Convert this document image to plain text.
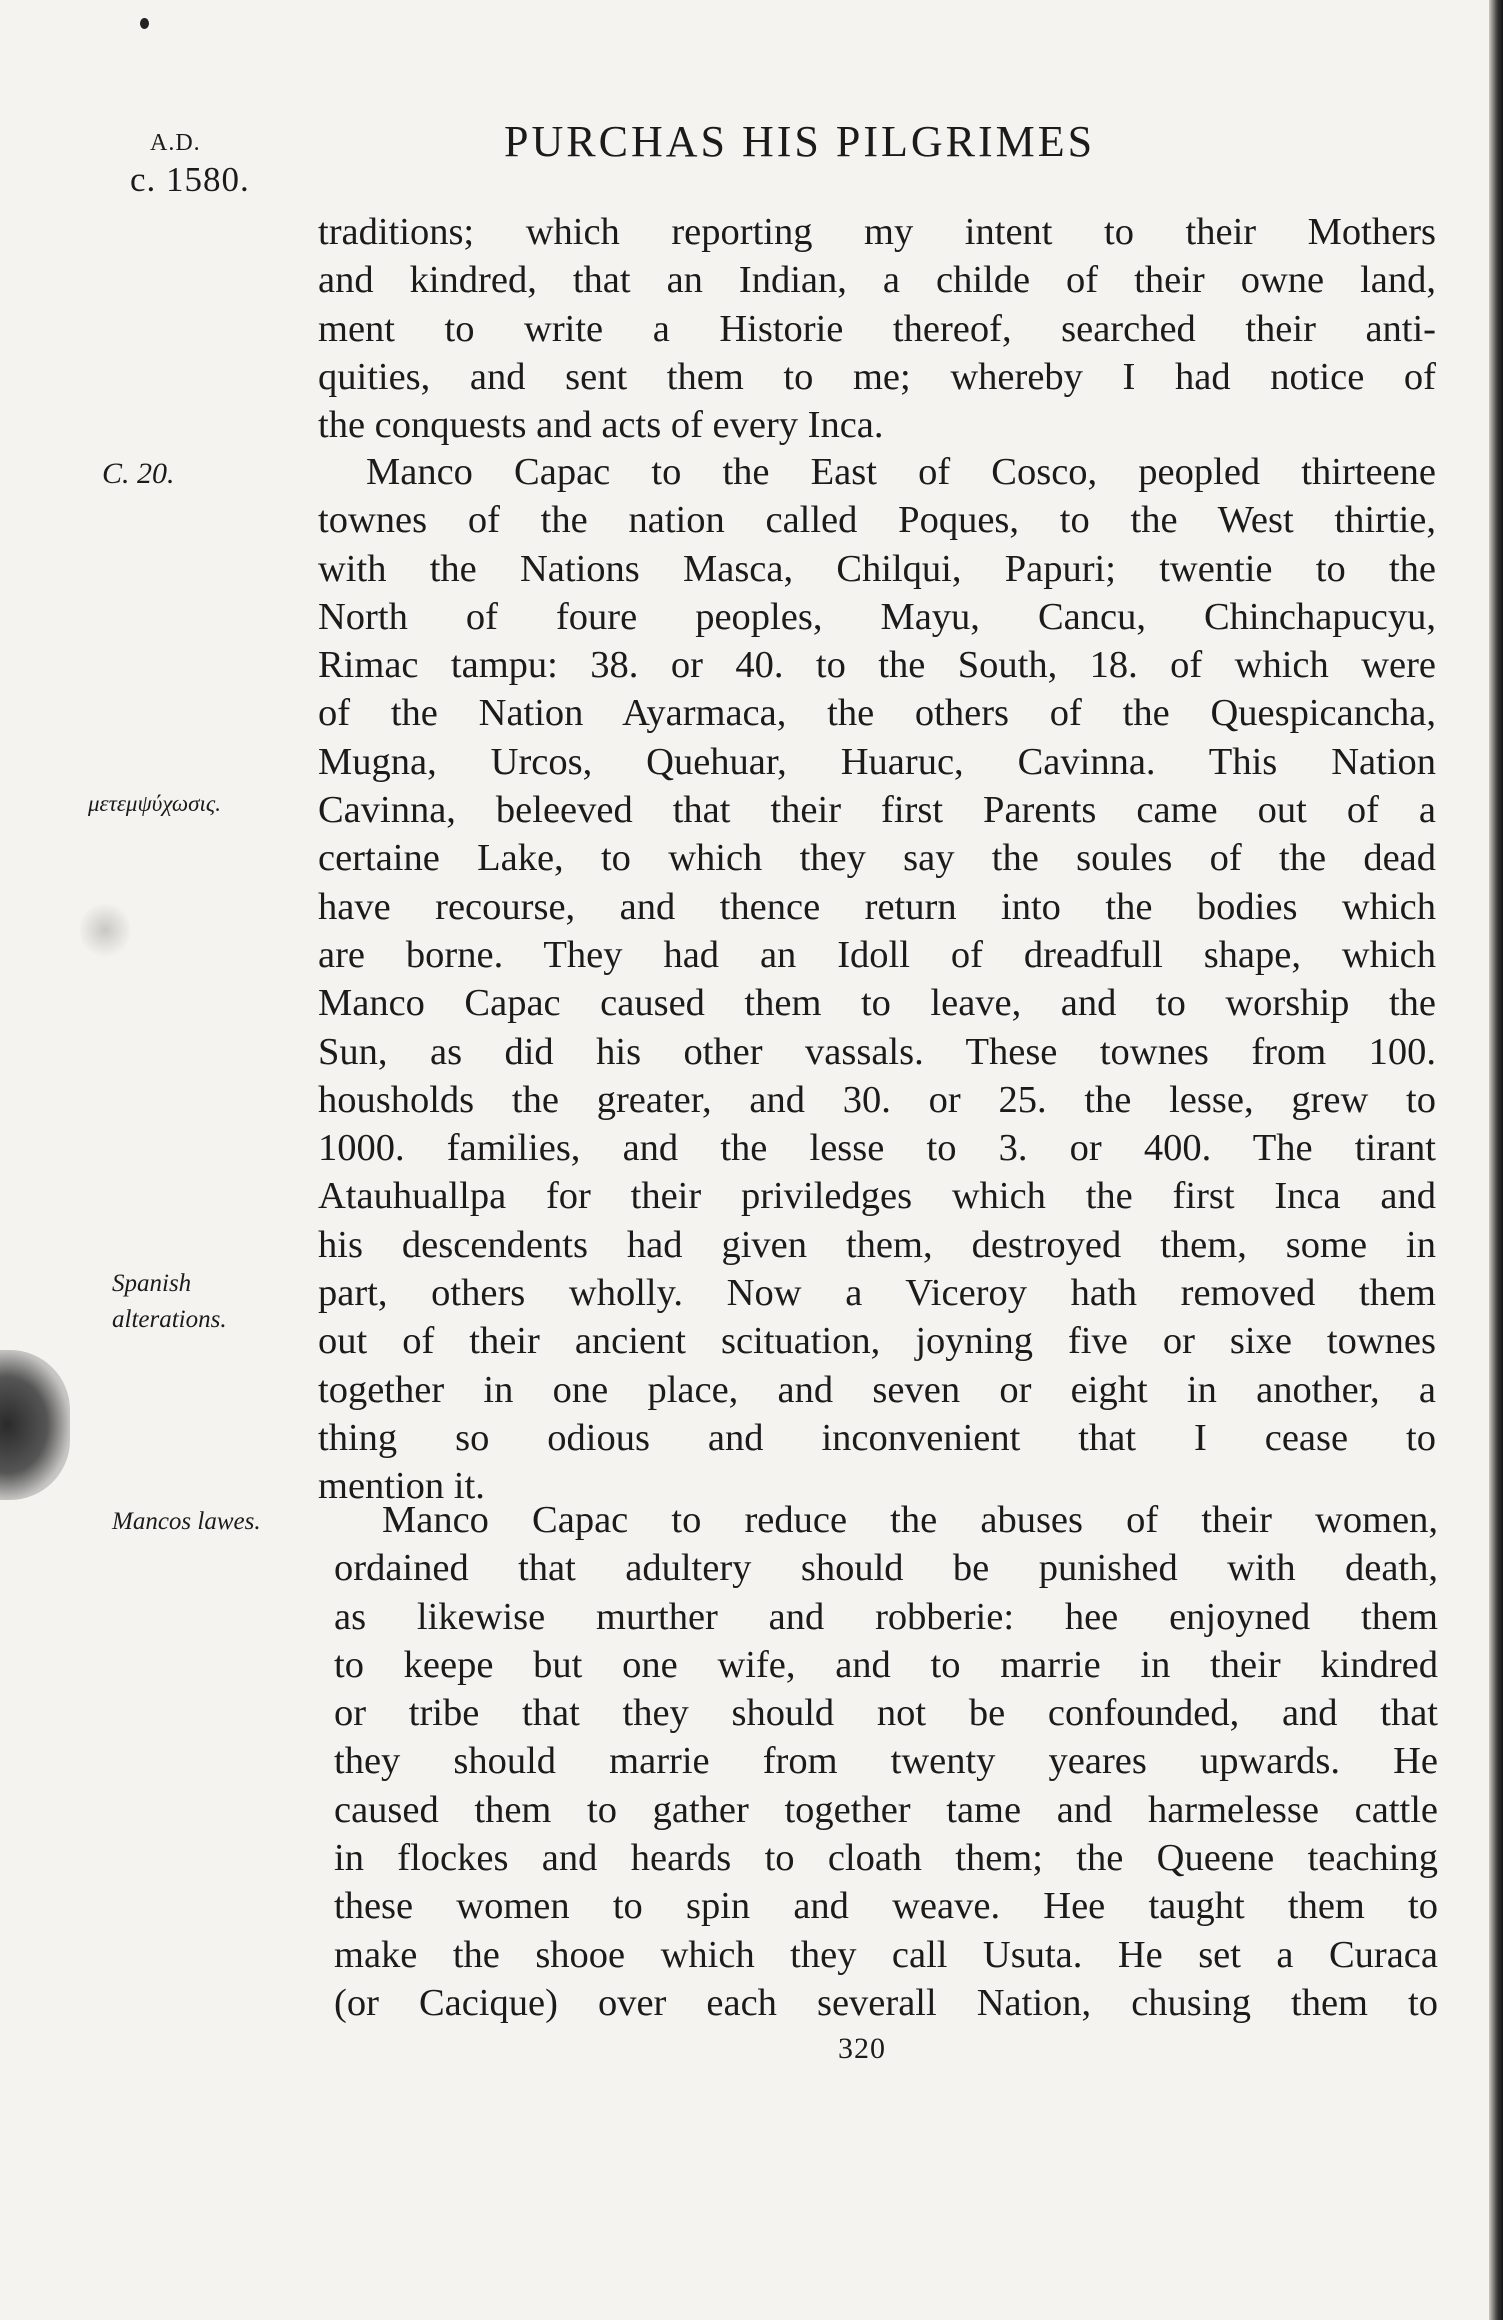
A.D.
c. 1580.
PURCHAS HIS PILGRIMES
C. 20.
μετεμψύχωσις.
Spanish
alterations.
Mancos lawes.
traditions; which reporting my intent to their Mothers
and kindred, that an Indian, a childe of their owne land,
ment to write a Historie thereof, searched their anti-
quities, and sent them to me; whereby I had notice of
the conquests and acts of every Inca.
Manco Capac to the East of Cosco, peopled thirteene
townes of the nation called Poques, to the West thirtie,
with the Nations Masca, Chilqui, Papuri; twentie to the
North of foure peoples, Mayu, Cancu, Chinchapucyu,
Rimac tampu: 38. or 40. to the South, 18. of which were
of the Nation Ayarmaca, the others of the Quespicancha,
Mugna, Urcos, Quehuar, Huaruc, Cavinna. This Nation
Cavinna, beleeved that their first Parents came out of a
certaine Lake, to which they say the soules of the dead
have recourse, and thence return into the bodies which
are borne. They had an Idoll of dreadfull shape, which
Manco Capac caused them to leave, and to worship the
Sun, as did his other vassals. These townes from 100.
housholds the greater, and 30. or 25. the lesse, grew to
1000. families, and the lesse to 3. or 400. The tirant
Atauhuallpa for their priviledges which the first Inca and
his descendents had given them, destroyed them, some in
part, others wholly. Now a Viceroy hath removed them
out of their ancient scituation, joyning five or sixe townes
together in one place, and seven or eight in another, a
thing so odious and inconvenient that I cease to
mention it.
Manco Capac to reduce the abuses of their women,
ordained that adultery should be punished with death,
as likewise murther and robberie: hee enjoyned them
to keepe but one wife, and to marrie in their kindred
or tribe that they should not be confounded, and that
they should marrie from twenty yeares upwards. He
caused them to gather together tame and harmelesse cattle
in flockes and heards to cloath them; the Queene teaching
these women to spin and weave. Hee taught them to
make the shooe which they call Usuta. He set a Curaca
(or Cacique) over each severall Nation, chusing them to
320
